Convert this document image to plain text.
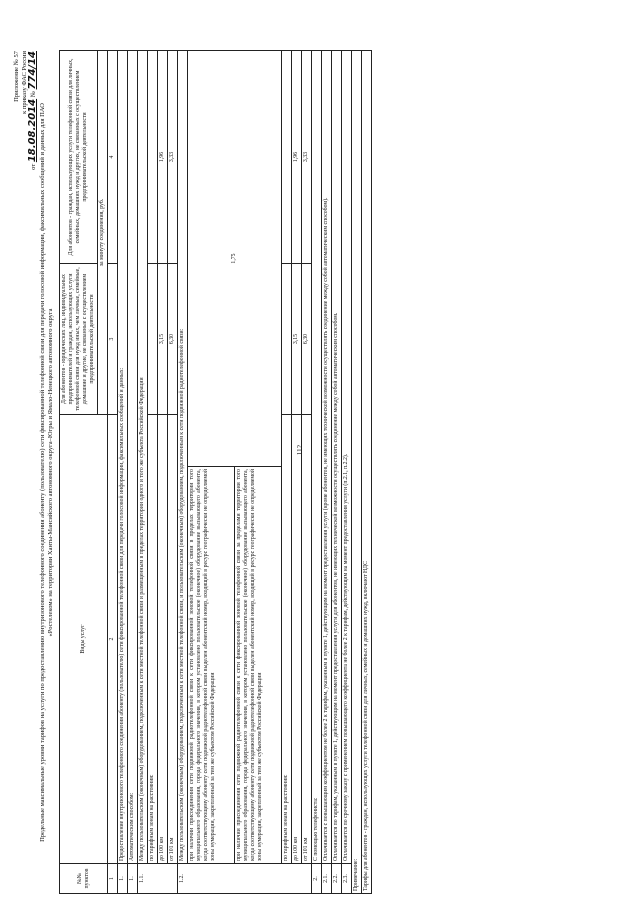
112
Приложение № 57 к приказу ФАС России
от 18.08.2014 № 774/14
Предельные максимальные уровни тарифов на услуги по предоставлению внутризонового телефонного соединения абоненту (пользователю) сети фиксированной телефонной связи для передачи голосовой информации, факсимильных сообщений и данных для ПАО «Ростелеком» на территории Ханты-Мансийского автономного округа–Югры и Ямало-Ненецкого автономного округа
№№ пунктов	Виды услуг		Для абонентов - юридических лиц, индивидуальных предпринимателей и граждан, использующих услуги телефонной связи для нужд иных, чем личные, семейные, домашние и другие, не связанные с осуществлением предпринимательской деятельности	Для абонентов - граждан, использующих услуги телефонной связи для личных, семейных, домашних нужд и других, не связанных с осуществлением предпринимательской деятельности
			за минуту соединения, руб.	
1	2		3	4
1.	Предоставление внутризонового телефонного соединения абоненту (пользователю) сети фиксированной телефонной связи для передачи голосовой информации, факсимильных сообщений и данных:			
1.	Автоматическим способом:			
1.1.	Между пользовательским (оконечным) оборудованием, подключенным к сети местной телефонной связи и размещенным в пределах территории одного и того же субъекта Российской Федерации			
	по тарифным зонам на расстояния:			
	до 100 км		3,15	1,96
	от 101 км		6,30	3,33
1.2.	Между пользовательским (оконечным) оборудованием, подключенным к сети местной телефонной связи, и пользовательским (оконечным) оборудованием, подключенным к сети подвижной радиотелефонной связи:			
	при наличии присоединения сети подвижной радиотелефонной связи к сети фиксированной зоновой телефонной связи в пределах территории того муниципального образования, города федерального значения, в котором установлено пользовательское (оконечное) оборудование вызывающего абонента, когда соответствующему абоненту сети подвижной радиотелефонной связи выделен абонентский номер, входящий в ресурс географически не определяемой зоны нумерации, закрепленный за тем же субъектом Российской Федерации	1,75		
	при наличии присоединения сети подвижной радиотелефонной связи к сети фиксированной зоновой телефонной связи за пределами территории того муниципального образования, города федерального значения, в котором установлено пользовательское (оконечное) оборудование вызывающего абонента, когда соответствующему абоненту сети подвижной радиотелефонной связи выделен абонентский номер, входящий в ресурс географически не определяемой зоны нумерации, закрепленный за тем же субъектом Российской Федерации			
	по тарифным зонам на расстояния:			
	до 100 км		3,15	1,96
	от 101 км		6,30	3,33
2.	С помощью телефониста:			
2.1.	Оплачивается с повышающим коэффициентом не более 2 к тарифам, указанным в пункте 1, действующим на момент предоставления услуги (кроме абонентов, не имеющих технической возможности осуществлять соединение между собой автоматическим способом).			
2.2.	Оплачивается по тарифам, указанным в пункте 1, действующим на момент предоставления услуги для абонентов, не имеющих технической возможности осуществлять соединение между собой автоматическим способом.			
2.3.	Оплачивается по срочному заказу с применением повышающего коэффициента не более 2 к тарифам, действующим на момент предоставления услуги (п.2.1, п.2.2).			
Примечание:				
Тарифы для абонентов - граждан, использующих услуги телефонной связи для личных, семейных и домашних нужд, включают НДС				
